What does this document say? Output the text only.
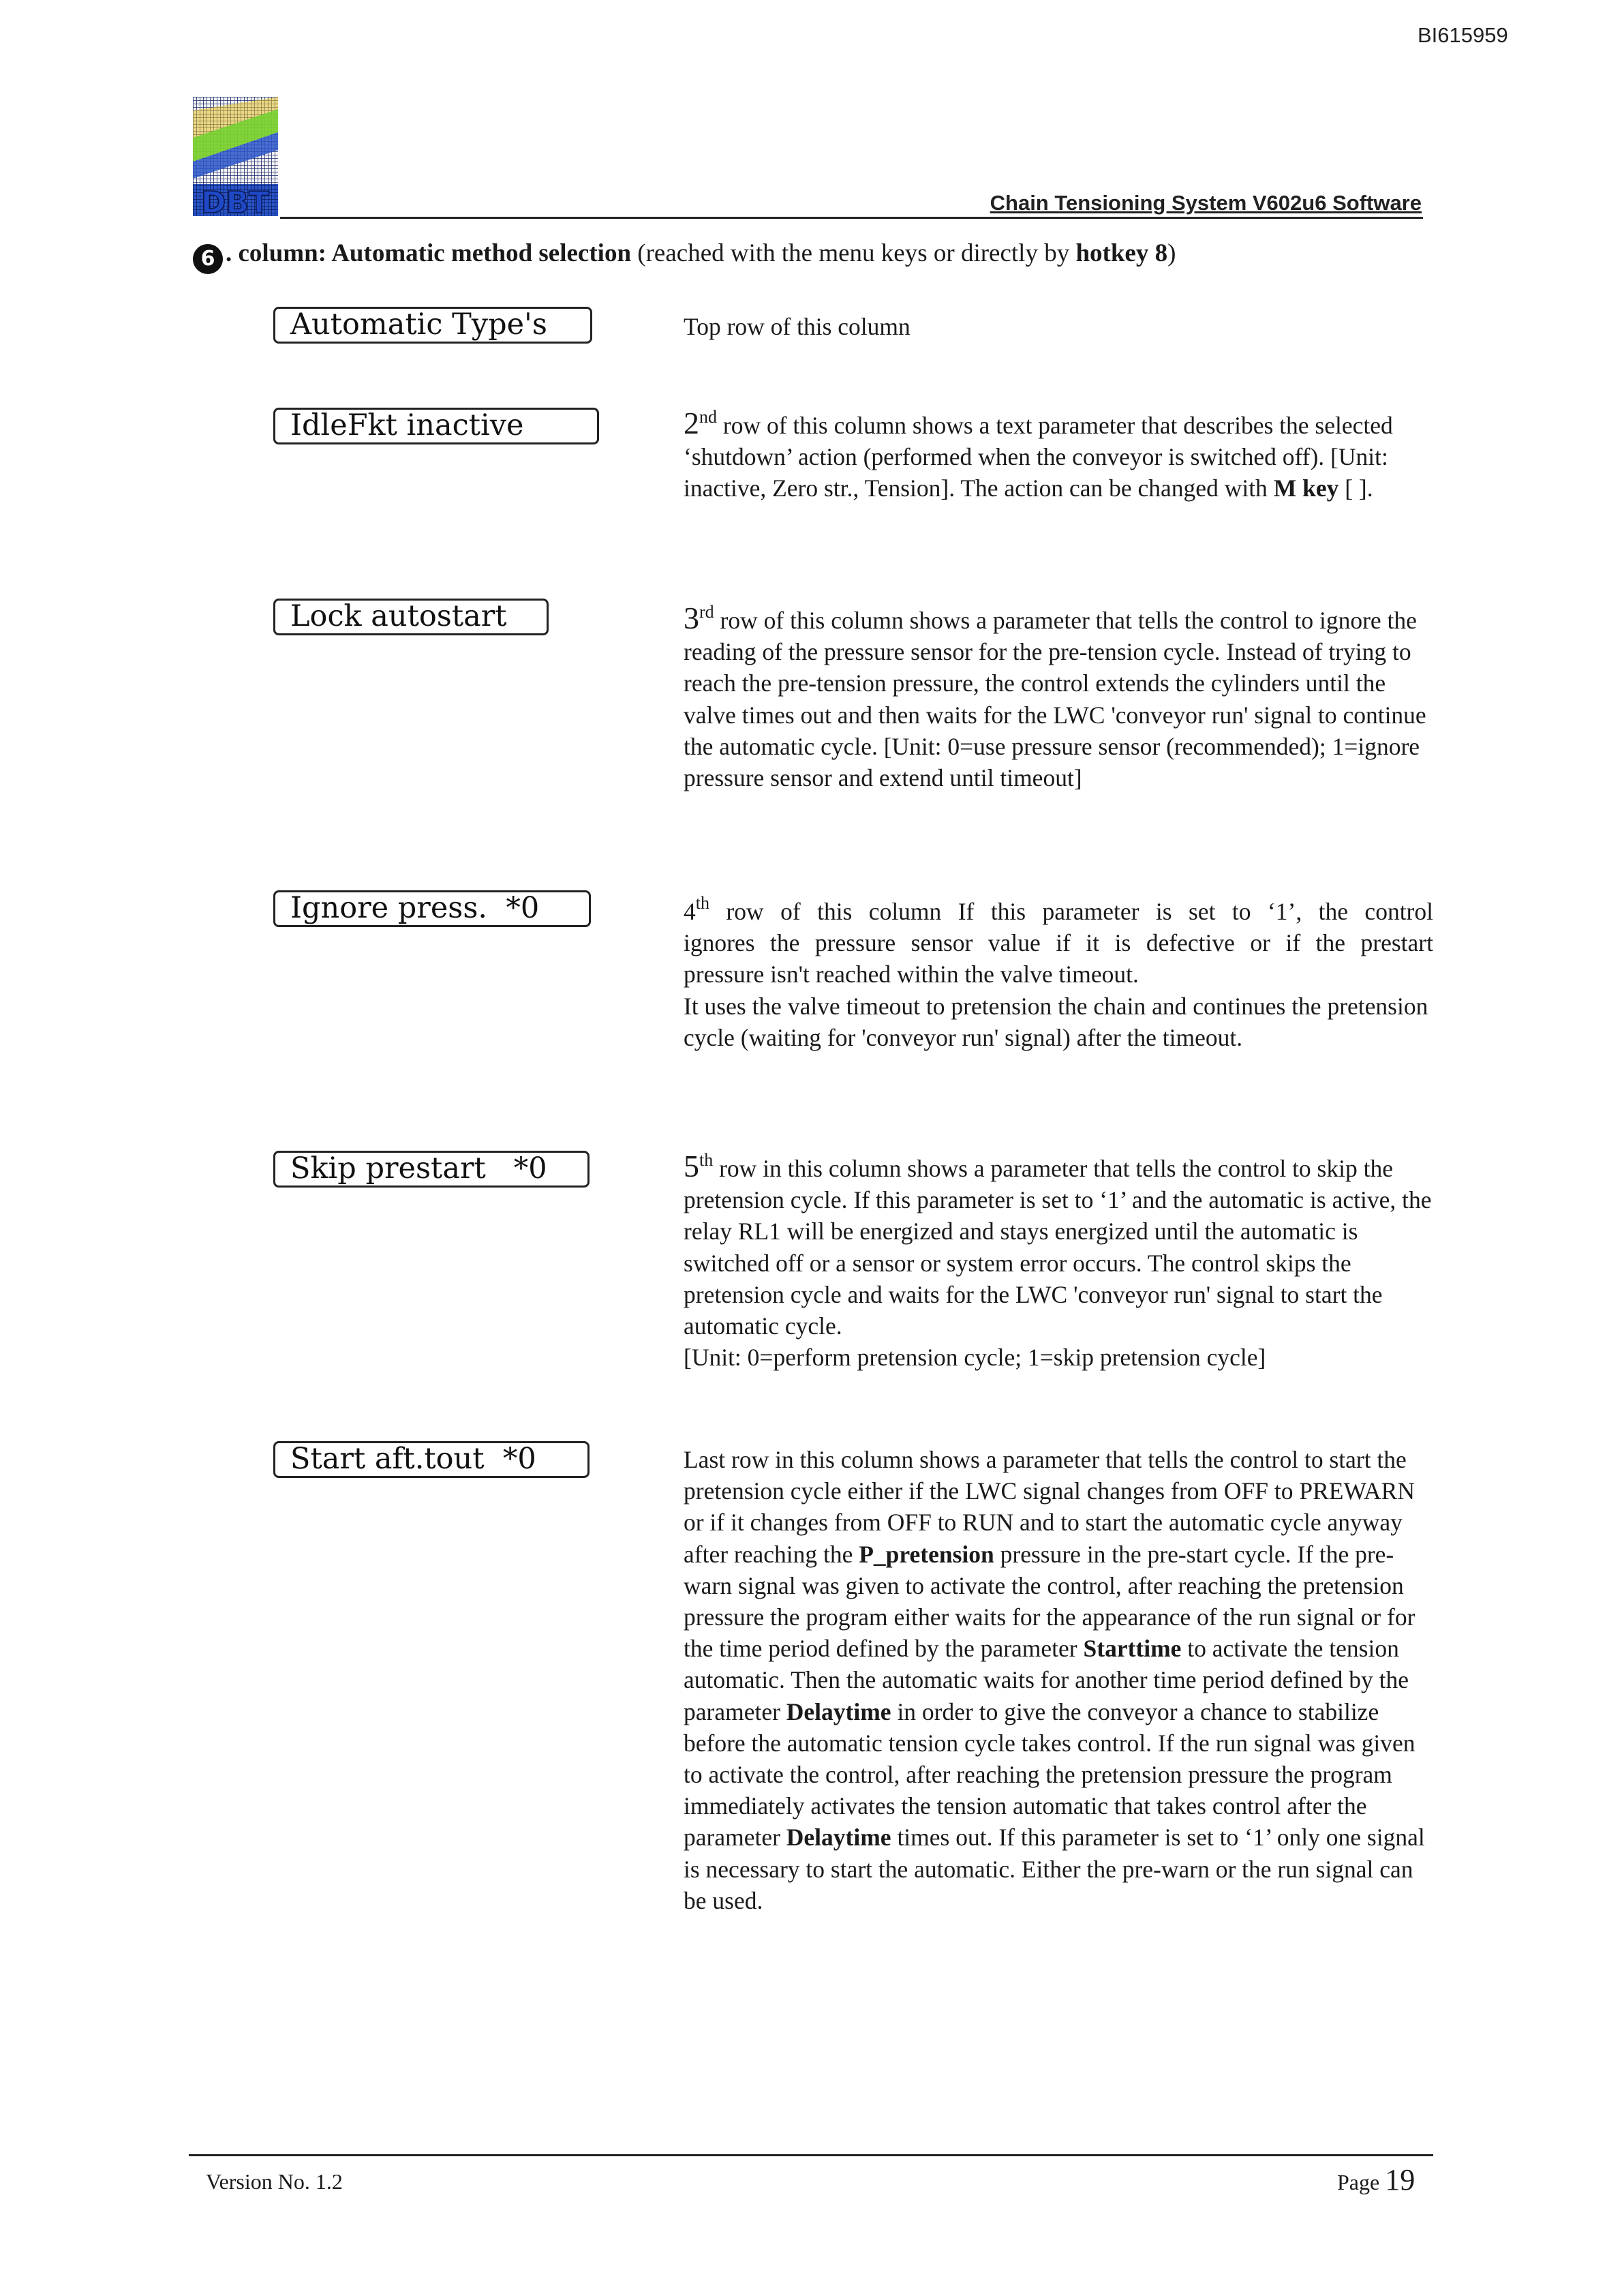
BI615959
DBT	Chain Tensioning System V602u6 Software
6 . column: Automatic method selection (reached with the menu keys or directly by hotkey 8)
Automatic Type's	Top row of this column

IdleFkt inactive	2nd row of this column shows a text parameter that describes the selected ‘shutdown’ action (performed when the conveyor is switched off). [Unit: inactive, Zero str., Tension]. The action can be changed with M key [ ].

Lock autostart	3rd row of this column shows a parameter that tells the control to ignore the reading of the pressure sensor for the pre-tension cycle. Instead of trying to reach the pre-tension pressure, the control extends the cylinders until the valve times out and then waits for the LWC 'conveyor run' signal to continue the automatic cycle. [Unit: 0=use pressure sensor (recommended); 1=ignore pressure sensor and extend until timeout]

Ignore press.  *0	4th row of this column If this parameter is set to ‘1’, the control
ignores the pressure sensor value if it is defective or if the prestart
pressure isn't reached within the valve timeout.

It uses the valve timeout to pretension the chain and continues the pretension cycle (waiting for 'conveyor run' signal) after the timeout.

Skip prestart   *0	5th row in this column shows a parameter that tells the control to skip the pretension cycle. If this parameter is set to ‘1’ and the automatic is active, the relay RL1 will be energized and stays energized until the automatic is switched off or a sensor or system error occurs. The control skips the pretension cycle and waits for the LWC 'conveyor run' signal to start the automatic cycle.

[Unit: 0=perform pretension cycle; 1=skip pretension cycle]

Start aft.tout  *0	Last row in this column shows a parameter that tells the control to start the pretension cycle either if the LWC signal changes from OFF to PREWARN or if it changes from OFF to RUN and to start the automatic cycle anyway after reaching the P_pretension pressure in the pre-start cycle. If the pre-warn signal was given to activate the control, after reaching the pretension pressure the program either waits for the appearance of the run signal or for the time period defined by the parameter Starttime to activate the tension automatic. Then the automatic waits for another time period defined by the parameter Delaytime in order to give the conveyor a chance to stabilize before the automatic tension cycle takes control. If the run signal was given to activate the control, after reaching the pretension pressure the program immediately activates the tension automatic that takes control after the parameter Delaytime times out. If this parameter is set to ‘1’ only one signal is necessary to start the automatic. Either the pre-warn or the run signal can be used.

Version No. 1.2	Page 19
